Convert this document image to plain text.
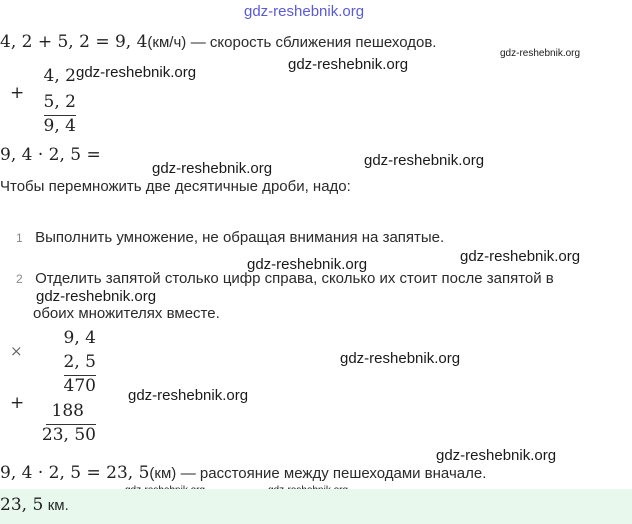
gdz-reshebnik.org
4, 2 + 5, 2 = 9, 4(км/ч) — скорость сближения пешеходов.
gdz-reshebnik.org
+
4, 2 gdz-reshebnik.org	gdz-reshebnik.org
5, 2
9, 4
9, 4 · 2, 5 =
gdz-reshebnik.org	gdz-reshebnik.org
Чтобы перемножить две десятичные дроби, надо:
1 Выполнить умножение, не обращая внимания на запятые.
gdz-reshebnik.org
gdz-reshebnik.org
2 Отделить запятой столько цифр справа, сколько их стоит после запятой в
gdz-reshebnik.org
обоих множителях вместе.
×
9, 4
2, 5
470
gdz-reshebnik.org
+	188
gdz-reshebnik.org
23, 50
gdz-reshebnik.org
9, 4 · 2, 5 = 23, 5(км) — расстояние между пешеходами вначале.
23, 5 км.
